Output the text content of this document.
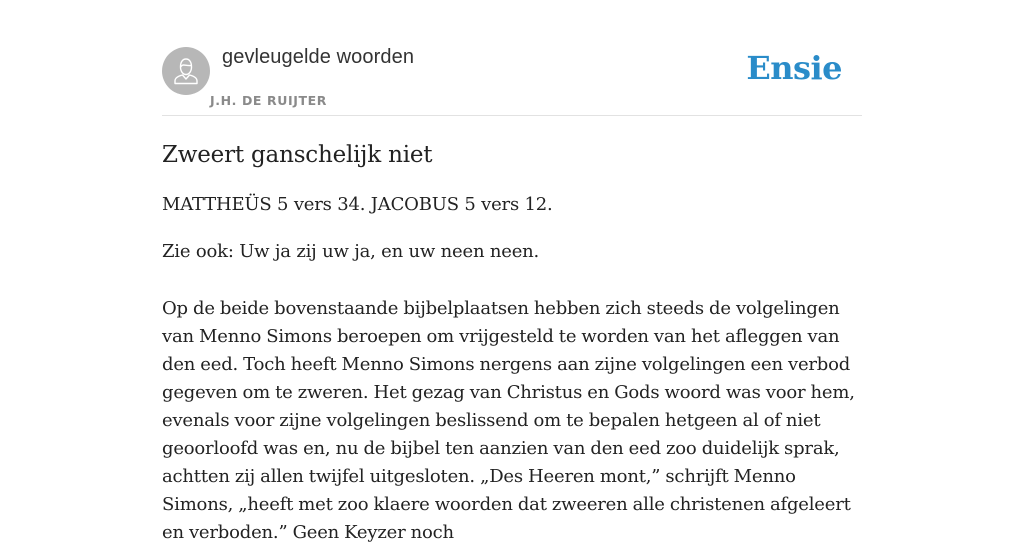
gevleugelde woorden
J.H. DE RUIJTER
Ensie
Zweert ganschelijk niet

MATTHEÜS 5 vers 34. JACOBUS 5 vers 12.

Zie ook: Uw ja zij uw ja, en uw neen neen.

Op de beide bovenstaande bijbelplaatsen hebben zich steeds de volgelingen van Menno Simons beroepen om vrijgesteld te worden van het afleggen van den eed. Toch heeft Menno Simons nergens aan zijne volgelingen een verbod gegeven om te zweren. Het gezag van Christus en Gods woord was voor hem, evenals voor zijne volgelingen beslissend om te bepalen hetgeen al of niet geoorloofd was en, nu de bijbel ten aanzien van den eed zoo duidelijk sprak, achtten zij allen twijfel uitgesloten. „Des Heeren mont,” schrijft Menno Simons, „heeft met zoo klaere woorden dat zweeren alle christenen afgeleert en verboden.” Geen Keyzer noch
